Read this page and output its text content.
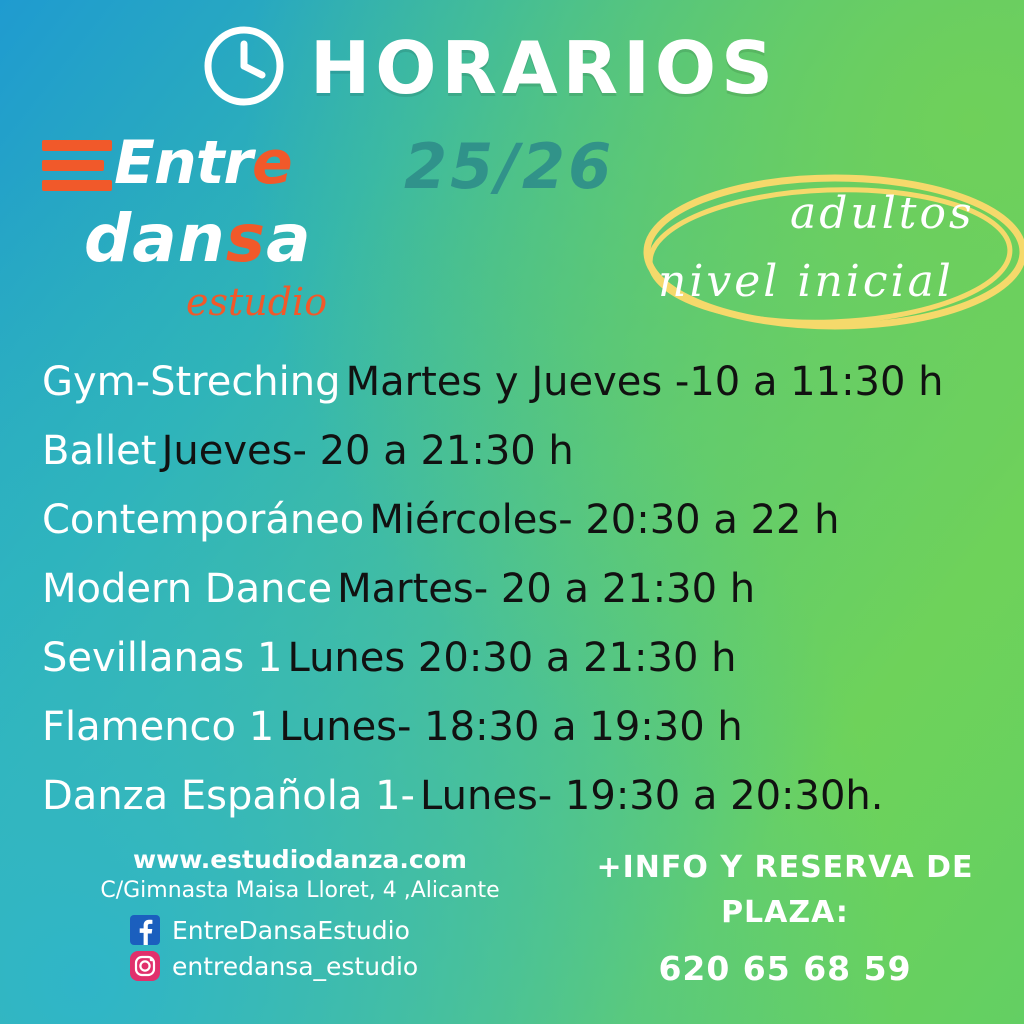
HORARIOS
25/26
Entre
dansa
estudio
adultos
nivel inicial
Gym-Streching Martes y Jueves -10 a 11:30 h
Ballet Jueves- 20 a 21:30 h
Contemporáneo Miércoles- 20:30 a 22 h
Modern Dance Martes- 20 a 21:30 h
Sevillanas 1 Lunes 20:30 a 21:30 h
Flamenco 1 Lunes- 18:30 a 19:30 h
Danza Española 1- Lunes- 19:30 a 20:30h.
www.estudiodanza.com
C/Gimnasta Maisa Lloret, 4 ,Alicante
EntreDansaEstudio
entredansa_estudio
+INFO Y RESERVA DE PLAZA:
620 65 68 59
